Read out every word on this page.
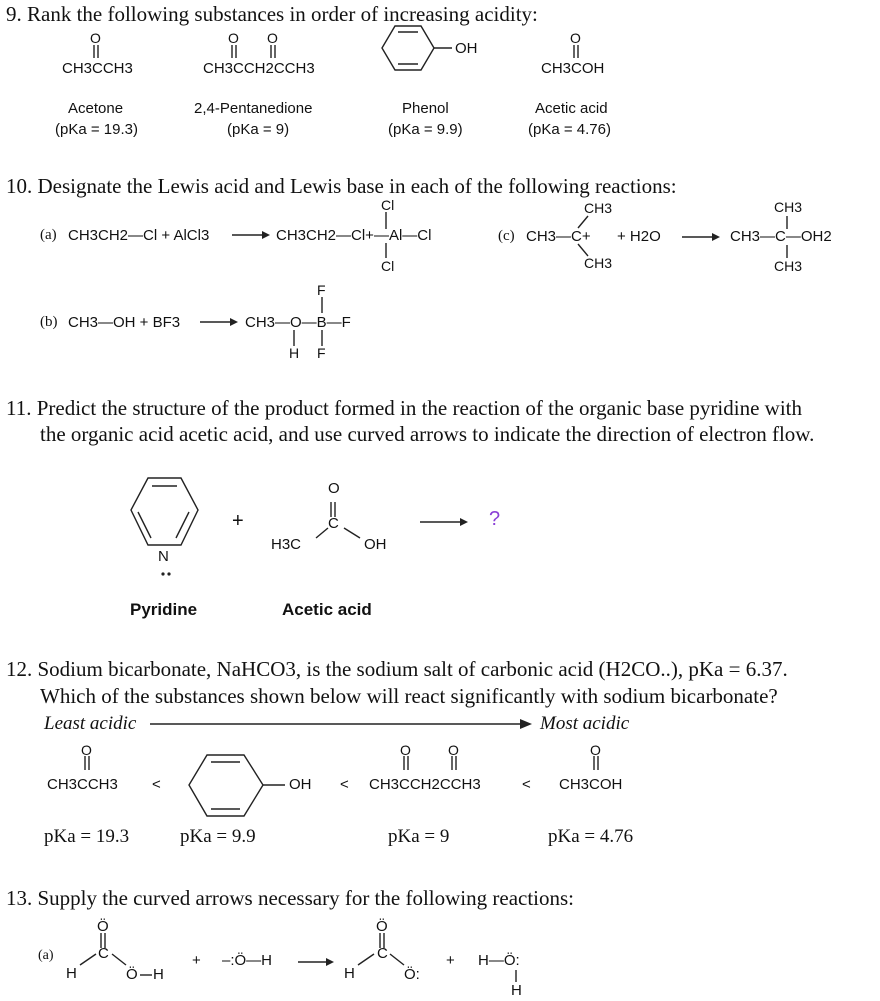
9. Rank the following substances in order of increasing acidity:
O
CH3CCH3
O O
CH3CCH2CCH3
OH
O
CH3COH
Acetone
(pKa = 19.3)
2,4-Pentanedione
(pKa = 9)
Phenol
(pKa = 9.9)
Acetic acid
(pKa = 4.76)
10. Designate the Lewis acid and Lewis base in each of the following reactions:
(a) CH3CH2—Cl + AlCl3	CH3CH2—Cl+—Al—Cl
Cl
Cl
(c) CH3—C+
CH3
CH3
+ H2O	CH3—C—OH2
CH3
CH3
(b) CH3—OH + BF3	CH3—O—B—F
F
F
H
11. Predict the structure of the product formed in the reaction of the organic base pyridine with
the organic acid acetic acid, and use curved arrows to indicate the direction of electron flow.
N
+
O
C
H3C	OH
?
Pyridine	Acetic acid
12. Sodium bicarbonate, NaHCO3, is the sodium salt of carbonic acid (H2CO..), pKa = 6.37.
Which of the substances shown below will react significantly with sodium bicarbonate?
Least acidic	Most acidic
O
CH3CCH3 <	OH <
O	O
CH3CCH2CCH3	<
O
CH3COH
pKa = 19.3	pKa = 9.9	pKa = 9	pKa = 4.76
13. Supply the curved arrows necessary for the following reactions:
(a)
Ö
C
H	Ö H
+ –:Ö—H
Ö
C
H	Ö:
+ H—Ö:
H
